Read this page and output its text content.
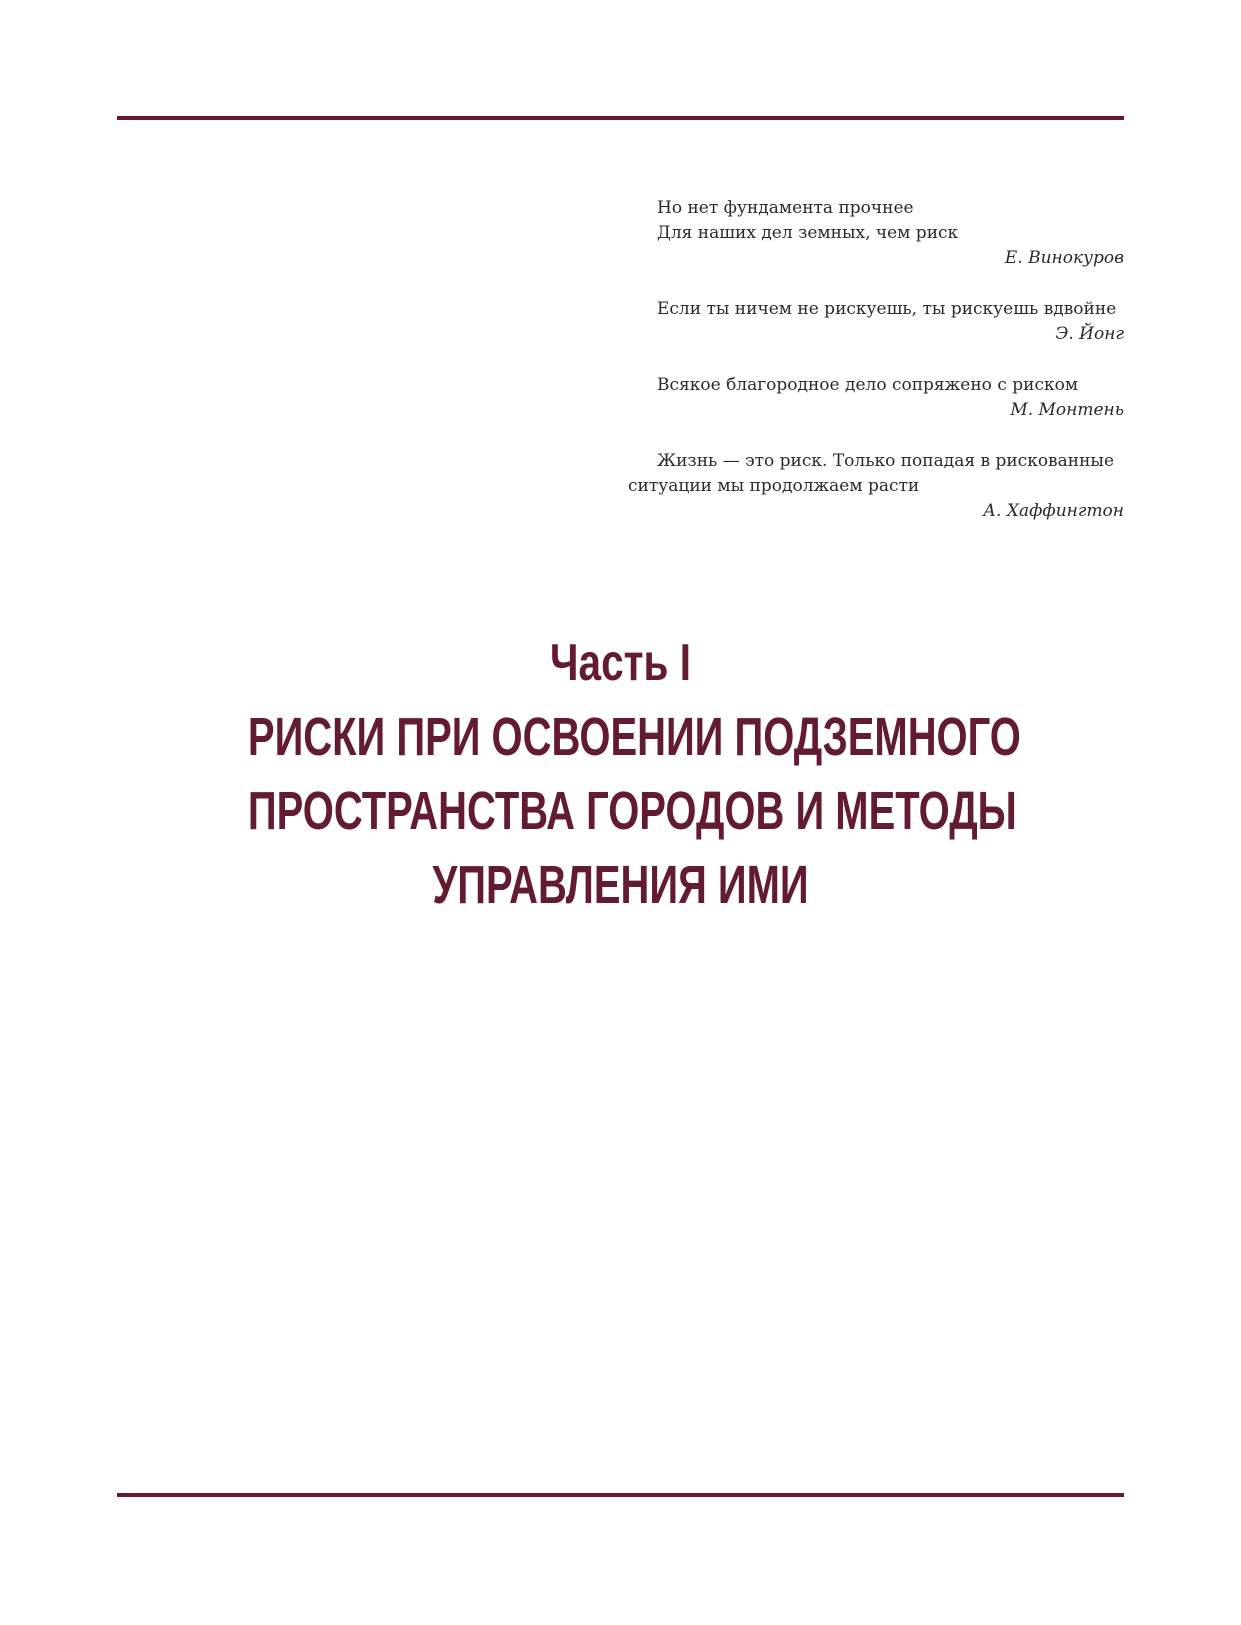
Но нет фундамента прочнее
Для наших дел земных, чем риск
Е. Винокуров
Если ты ничем не рискуешь, ты рискуешь вдвойне
Э. Йонг
Всякое благородное дело сопряжено с риском
М. Монтень
Жизнь — это риск. Только попадая в рискованные
ситуации мы продолжаем расти
А. Хаффингтон
Часть I
РИСКИ ПРИ ОСВОЕНИИ ПОДЗЕМНОГО
ПРОСТРАНСТВА ГОРОДОВ И МЕТОДЫ
УПРАВЛЕНИЯ ИМИ
